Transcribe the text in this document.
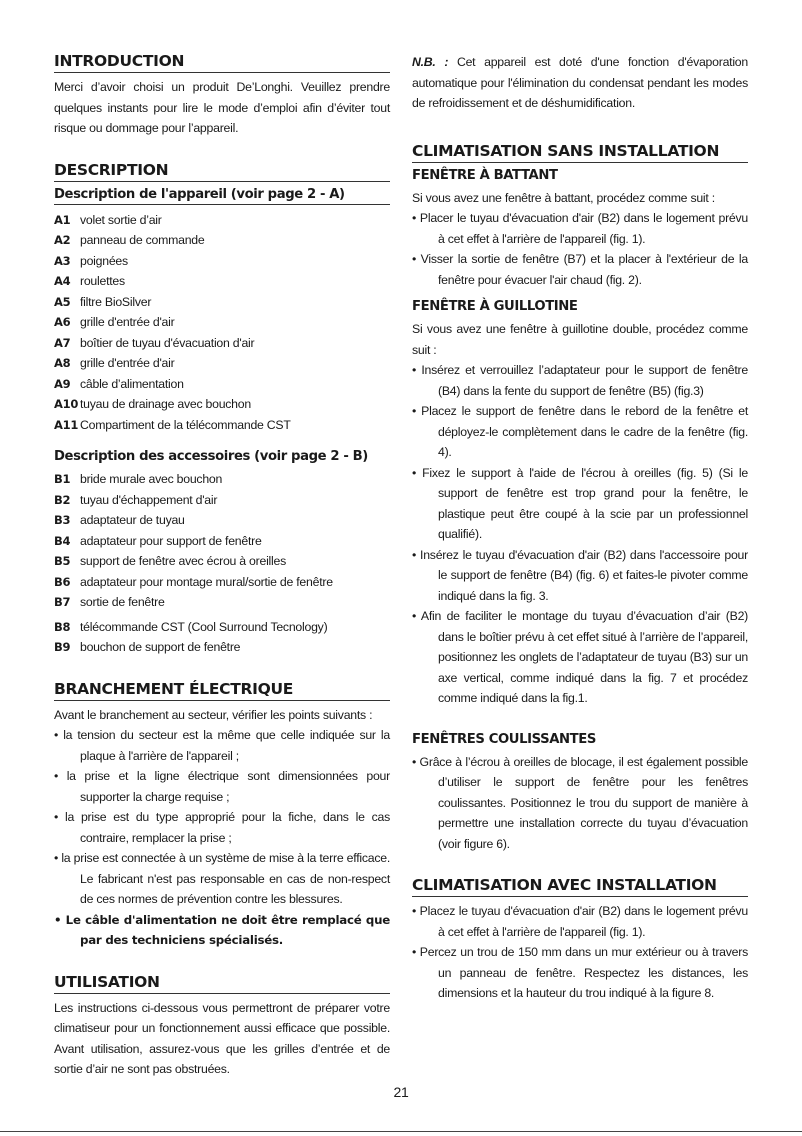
INTRODUCTION

Merci d’avoir choisi un produit De’Longhi. Veuillez prendre quelques instants pour lire le mode d’emploi afin d’éviter tout risque ou dommage pour l’appareil.

DESCRIPTION
Description de l'appareil (voir page 2 - A)
A1 volet sortie d’air
A2 panneau de commande
A3 poignées
A4 roulettes
A5 filtre BioSilver
A6 grille d'entrée d'air
A7 boîtier de tuyau d'évacuation d'air
A8 grille d'entrée d'air
A9 câble d’alimentation
A10 tuyau de drainage avec bouchon
A11 Compartiment de la télécommande CST
Description des accessoires (voir page 2 - B)
B1 bride murale avec bouchon
B2 tuyau d'échappement d'air
B3 adaptateur de tuyau
B4 adaptateur pour support de fenêtre
B5 support de fenêtre avec écrou à oreilles
B6 adaptateur pour montage mural/sortie de fenêtre
B7 sortie de fenêtre
B8 télécommande CST (Cool Surround Tecnology)
B9 bouchon de support de fenêtre
BRANCHEMENT ÉLECTRIQUE

Avant le branchement au secteur, vérifier les points suivants :

• la tension du secteur est la même que celle indiquée sur la plaque à l'arrière de l'appareil ;

• la prise et la ligne électrique sont dimensionnées pour supporter la charge requise ;

• la prise est du type approprié pour la fiche, dans le cas contraire, remplacer la prise ;

• la prise est connectée à un système de mise à la terre efficace. Le fabricant n'est pas responsable en cas de non-respect de ces normes de prévention contre les blessures.

• Le câble d'alimentation ne doit être remplacé que par des techniciens spécialisés.

UTILISATION

Les instructions ci-dessous vous permettront de préparer votre climatiseur pour un fonctionnement aussi efficace que possible. Avant utilisation, assurez-vous que les grilles d’entrée et de sortie d’air ne sont pas obstruées.

N.B. : Cet appareil est doté d'une fonction d'évaporation automatique pour l'élimination du condensat pendant les modes de refroidissement et de déshumidification.

CLIMATISATION SANS INSTALLATION
FENÊTRE À BATTANT

Si vous avez une fenêtre à battant, procédez comme suit :

• Placer le tuyau d'évacuation d'air (B2) dans le logement prévu à cet effet à l'arrière de l'appareil (fig. 1).

• Visser la sortie de fenêtre (B7) et la placer à l'extérieur de la fenêtre pour évacuer l'air chaud (fig. 2).

FENÊTRE À GUILLOTINE

Si vous avez une fenêtre à guillotine double, procédez comme suit :

• Insérez et verrouillez l’adaptateur pour le support de fenêtre (B4) dans la fente du support de fenêtre (B5) (fig.3)

• Placez le support de fenêtre dans le rebord de la fenêtre et déployez-le complètement dans le cadre de la fenêtre (fig. 4).

• Fixez le support à l'aide de l'écrou à oreilles (fig. 5) (Si le support de fenêtre est trop grand pour la fenêtre, le plastique peut être coupé à la scie par un professionnel qualifié).

• Insérez le tuyau d'évacuation d'air (B2) dans l'accessoire pour le support de fenêtre (B4) (fig. 6) et faites-le pivoter comme indiqué dans la fig. 3.

• Afin de faciliter le montage du tuyau d’évacuation d’air (B2) dans le boîtier prévu à cet effet situé à l’arrière de l’appareil, positionnez les onglets de l’adaptateur de tuyau (B3) sur un axe vertical, comme indiqué dans la fig. 7 et procédez comme indiqué dans la fig.1.

FENÊTRES COULISSANTES

• Grâce à l’écrou à oreilles de blocage, il est également possible d’utiliser le support de fenêtre pour les fenêtres coulissantes. Positionnez le trou du support de manière à permettre une installation correcte du tuyau d’évacuation (voir figure 6).

CLIMATISATION AVEC INSTALLATION

• Placez le tuyau d'évacuation d'air (B2) dans le logement prévu à cet effet à l'arrière de l'appareil (fig. 1).

• Percez un trou de 150 mm dans un mur extérieur ou à travers un panneau de fenêtre. Respectez les distances, les dimensions et la hauteur du trou indiqué à la figure 8.

21
